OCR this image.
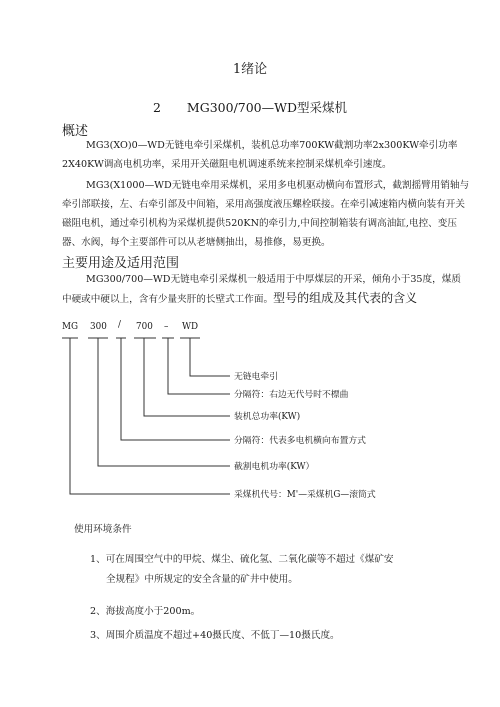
1绪论
2 MG300/700—WD型采煤机
概述
MG3(XO)0—WD无链电牵引采煤机，装机总功率700KW截割功率2x300KW牵引功率
2X40KW调高电机功率，采用开关磁阻电机调速系统来控制采煤机牵引速度。
MG3(X1000—WD无链电牵用采煤机，采用多电机驱动横向布置形式，截割摇臂用销轴与
牵引部联接，左、右牵引部及中间箱，采用高强度液压螺栓联接。在牵引减速箱内横向装有开关
磁阻电机，通过牵引机构为采煤机提供520KN的牵引力,中间控制箱装有调高油缸,电控、变压
器、水阀，每个主要部件可以从老塘侧抽出，易推修，易更换。
主要用途及适用范围
MG300/700—WD无链电牵引采煤机一般适用于中厚煤层的开采，倾角小于35度，煤质
中硬或中硬以上，含有少量夹肝的长壁式工作面。型号的组成及其代表的含义
MG 300 / 700 – WD
无链电牵引
分隔符：右边无代号时不標曲
装机总功率(KW)
分隔符：代表多电机横向布置方式
截割电机功率(KW）
采煤机代号：M'—采煤机G—滚筒式
使用环境条件
1、可在周围空气中的甲烷、煤尘、硫化氢、二氧化碳等不超过《煤矿安
全规程》中所规定的安全含量的矿井中使用。
2、海拔高度小于200m。
3、周围介质温度不超过+40摄氏度、不低丁—10摄氏度。
